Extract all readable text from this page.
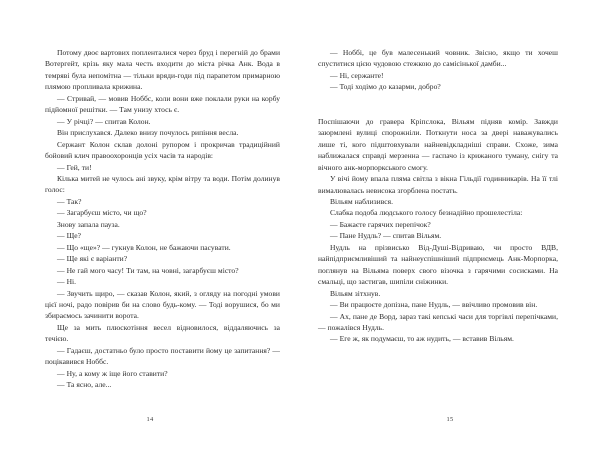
Потому двоє вартових попленталися через бруд і перегній до брами Вотергейт, крізь яку мала честь входити до міста річка Анк. Вода в темряві була непомітна — тільки вряди-годи під парапетом примарною плямою пропливала крижина.

— Стривай, — мовив Ноббс, коли вони вже поклали руки на корбу підйомної решітки. — Там унизу хтось є.

— У річці? — спитав Колон.

Він прислухався. Далеко внизу почулось рипіння весла.

Сержант Колон склав долоні рупором і прокричав традиційний бойовий клич правоохоронців усіх часів та народів:

— Гей, ти!

Кілька митей не чулось ані звуку, крім вітру та води. Потім долинув голос:

— Так?

— Загарбуєш місто, чи що?

Знову запала пауза.

— Ще?

— Що «ще»? — гукнув Колон, не бажаючи пасувати.

— Ще які є варіанти?

— Не гай мого часу! Ти там, на човні, загарбуєш місто?

— Ні.

— Звучить щиро, — сказав Колон, який, з огляду на погодні умови цієї ночі, радо повірив би на слово будь-кому. — Тоді ворушися, бо ми збираємось зачинити ворота.

Ще за мить плюскотіння весел відновилося, віддаляючись за течією.

— Гадаєш, достатньо було просто поставити йому це запитання? — поцікавився Ноббс.

— Ну, а кому ж іще його ставити?

— Та ясно, але...

14

— Ноббі, це був малесенький човник. Звісно, якщо ти хочеш спуститися цією чудовою стежкою до самісінької дамби...

— Ні, сержанте!

— Тоді ходімо до казарми, добро?

Поспішаючи до гравера Кріпслока, Вільям підняв комір. Завжди заюрмлені вулиці спорожніли. Поткнути носа за двері наважувались лише ті, кого підштовхували найневідкладніші справи. Схоже, зима наближалася справді мерзенна — гаспачо із крижаного туману, снігу та вічного анк-морпоркського смогу.

У вічі йому впала пляма світла з вікна Гільдії годинникарів. На її тлі вималювалась невисока згорблена постать.

Вільям наблизився.

Слабка подоба людського голосу безнадійно прошелестіла:

— Бажаєте гарячих перепічок?

— Пане Нудль? — спитав Вільям.

Нудль на прізвисько Від-Душі-Відриваю, чи просто ВДВ, найпідприємливіший та найнеуспішніший підприємець Анк-Морпорка, поглянув на Вільяма поверх свого візочка з гарячими сосисками. На смальці, що застигав, шипіли сніжинки.

Вільям зітхнув.

— Ви працюєте допізна, пане Нудль, — ввічливо промовив він.

— Ах, пане де Ворд, зараз такі кепські часи для торгівлі перепічками, — пожалівся Нудль.

— Еге ж, як подумаєш, то аж нудить, — вставив Вільям.

15
